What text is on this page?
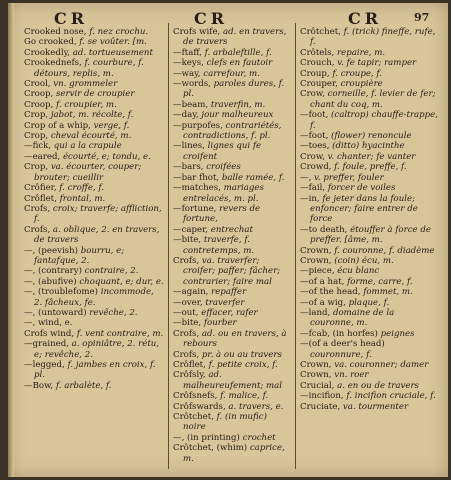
CR	CR	CR	97

Crooked nose, f. nez crochu.

Go crooked, f. se voûter. [m.

Crookedly, ad. tortueusement

Crookednefs, f. courbure, f. détours, replis, m.

Crool, vn. grommeler

Croop, servir de croupier

Croop, f. croupier, m.

Crop, jabot, m. récolte, f.

Crop of a whip, verge, f.

Crop, cheval écourté, m.

—fick, qui a la crapule

—eared, écourté, e; tondu, e.

Crop, va. écourter, couper; brouter; cueillir

Crôfier, f. croffe, f.

Crôflet, frontal, m.

Crofs, croix; traverfe; affliction, f.

Crofs, a. oblique, 2. en travers, de travers

—, (peevish) bourru, e; fantafque, 2.

—, (contrary) contraire, 2.

—, (abufive) choquant, e; dur, e.

—, (troublefome) incommode, 2. fâcheux, fe.

—, (untoward) revêche, 2.

—, wind, e.

Crofs wind, f. vent contraire, m.

—grained, a. opiniâtre, 2. rétu, e; revêche, 2.

—legged, f. jambes en croix, f. pl.

—Bow, f. arbalète, f.

Crofs wife, ad. en travers, de travers

—ftaff, f. arbaleftille, f.

—keys, clefs en fautoir

—way, carrefour, m.

—words, paroles dures, f. pl.

—beam, traverfin, m.

—day, jour malheureux

—purpofes, contrariétés, contradictions, f. pl.

—lines, lignes qui fe croifent

—bars, croifées

—bar fhot, balle ramée, f.

—matches, mariages entrelacés, m. pl.

—fortune, revers de fortune,

—caper, entrechat

—bite, traverfe, f. contretemps, m.

Crofs, va. traverfer; croifer; paffer; fâcher; contrarier; faire mal

—again, repaffer

—over, traverfer

—out, effacer, rafer

—bite, fourber

Crofs, ad. ou en travers, à rebours

Crofs, pr. à ou au travers

Crôflet, f. petite croix, f.

Crôfsly, ad. malheureufement; mal

Crôfsnefs, f. malice, f.

Crôfswards, a. travers, e.

Crôtchet, f. (in mufic) noire

—, (in printing) crochet

Crôtchet, (whim) caprice, m.

Crôtchet, f. (trick) fineffe, rufe, f.

Crôtels, repaire, m.

Crouch, v. fe tapir; ramper

Croup, f. croupe, f.

Crouper, croupière

Crow, corneille, f. levier de fer; chant du coq, m.

—foot, (caltrop) chauffe-trappe, f.

—foot, (flower) renoncule

—toes, (ditto) hyacinthe

Crow, v. chanter; fe vanter

Crowd, f. foule, preffe, f.

—, v. preffer, fouler

—fail, forcer de voiles

—in, fe jeter dans la foule; enfoncer; faire entrer de force

—to death, étouffer à force de preffer. [âme, m.

Crown, f. couronne, f. diadème

Crown, (coin) écu, m.

—piece, écu blanc

—of a hat, forme, carre, f.

—of the head, fommet, m.

—of a wig, plaque, f.

—land, domaine de la couronne, m.

—fcab, (in horfes) peignes

—(of a deer's head) couronnure, f.

Crown, va. couronner; damer

Crown, vn. roer

Crucial, a. en ou de travers

—incifion, f. incifion cruciale, f.

Cruciate, va. tourmenter
